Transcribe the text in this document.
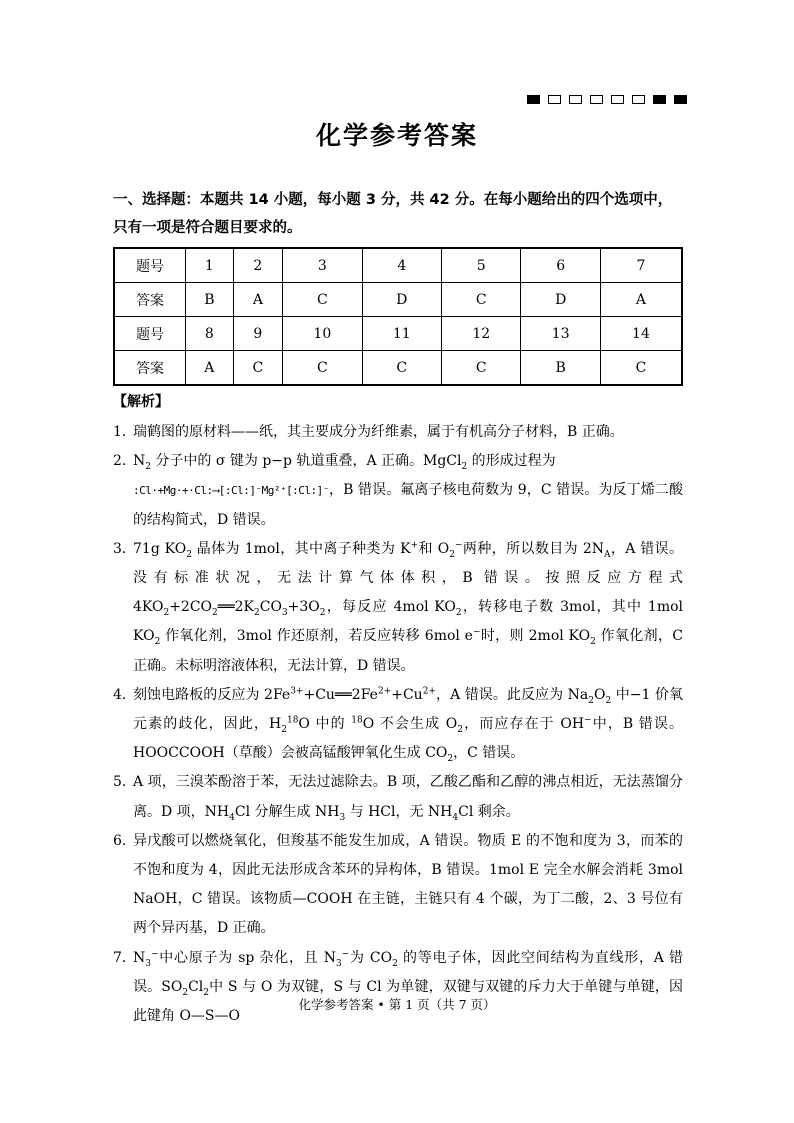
化学参考答案
一、选择题：本题共 14 小题，每小题 3 分，共 42 分。在每小题给出的四个选项中，只有一项是符合题目要求的。
题号	1	2	3	4	5	6	7
答案	B	A	C	D	C	D	A
题号	8	9	10	11	12	13	14
答案	A	C	C	C	C	B	C
【解析】
1．
瑞鹤图的原材料——纸，其主要成分为纤维素，属于有机高分子材料，B 正确。
2．
$N_2$ 分子中的 σ 键为 p−p 轨道重叠，A 正确。MgCl$_2$ 的形成过程为
:Cl·+Mg·+·Cl:⟶[:Cl:]⁻Mg²⁺[:Cl:]⁻，B 错误。氟离子核电荷数为 9，C 错误。为反丁烯二酸的结构简式，D 错误。
3．
71g $KO_2$ 晶体为 1mol，其中离子种类为 K+和 $O_2^-$两种，所以数目为 $2N_A$，A 错误。没有标准状况，无法计算气体体积，B 错误。按照反应方程式 $4KO_2+2CO_2══2K_2CO_3+3O_2$，每反应 4mol $KO_2$，转移电子数 3mol，其中 1mol $KO_2$ 作氧化剂，3mol 作还原剂，若反应转移 6mol e−时，则 2mol $KO_2$ 作氧化剂，C 正确。未标明溶液体积，无法计算，D 错误。
4．
刻蚀电路板的反应为 $2Fe^{3+}+Cu══2Fe^{2+}+Cu^{2+}$，A 错误。此反应为 $Na_2O_2$ 中−1 价氧元素的歧化，因此，$H_2^{18}O$ 中的 $^{18}$O 不会生成 $O_2$，而应存在于 OH−中，B 错误。HOOCCOOH（草酸）会被高锰酸钾氧化生成 $CO_2$，C 错误。
5．
A 项，三溴苯酚溶于苯，无法过滤除去。B 项，乙酸乙酯和乙醇的沸点相近，无法蒸馏分离。D 项，$NH_4Cl$ 分解生成 $NH_3$ 与 HCl，无 $NH_4Cl$ 剩余。
6. 异戊酸可以燃烧氧化，但羧基不能发生加成，A 错误。物质 E 的不饱和度为 3，而苯的不饱和度为 4，因此无法形成含苯环的异构体，B 错误。1mol E 完全水解会消耗 3mol NaOH，C 错误。该物质—COOH 在主链，主链只有 4 个碳，为丁二酸，2、3 号位有两个异丙基，D 正确。
7．
$N_3^-$中心原子为 sp 杂化，且 $N_3^-$为 $CO_2$ 的等电子体，因此空间结构为直线形，A 错误。$SO_2Cl_2$中 S 与 O 为双键，S 与 Cl 为单键，双键与双键的斥力大于单键与单键，因此键角 O—S—O
化学参考答案 • 第 1 页（共 7 页）
